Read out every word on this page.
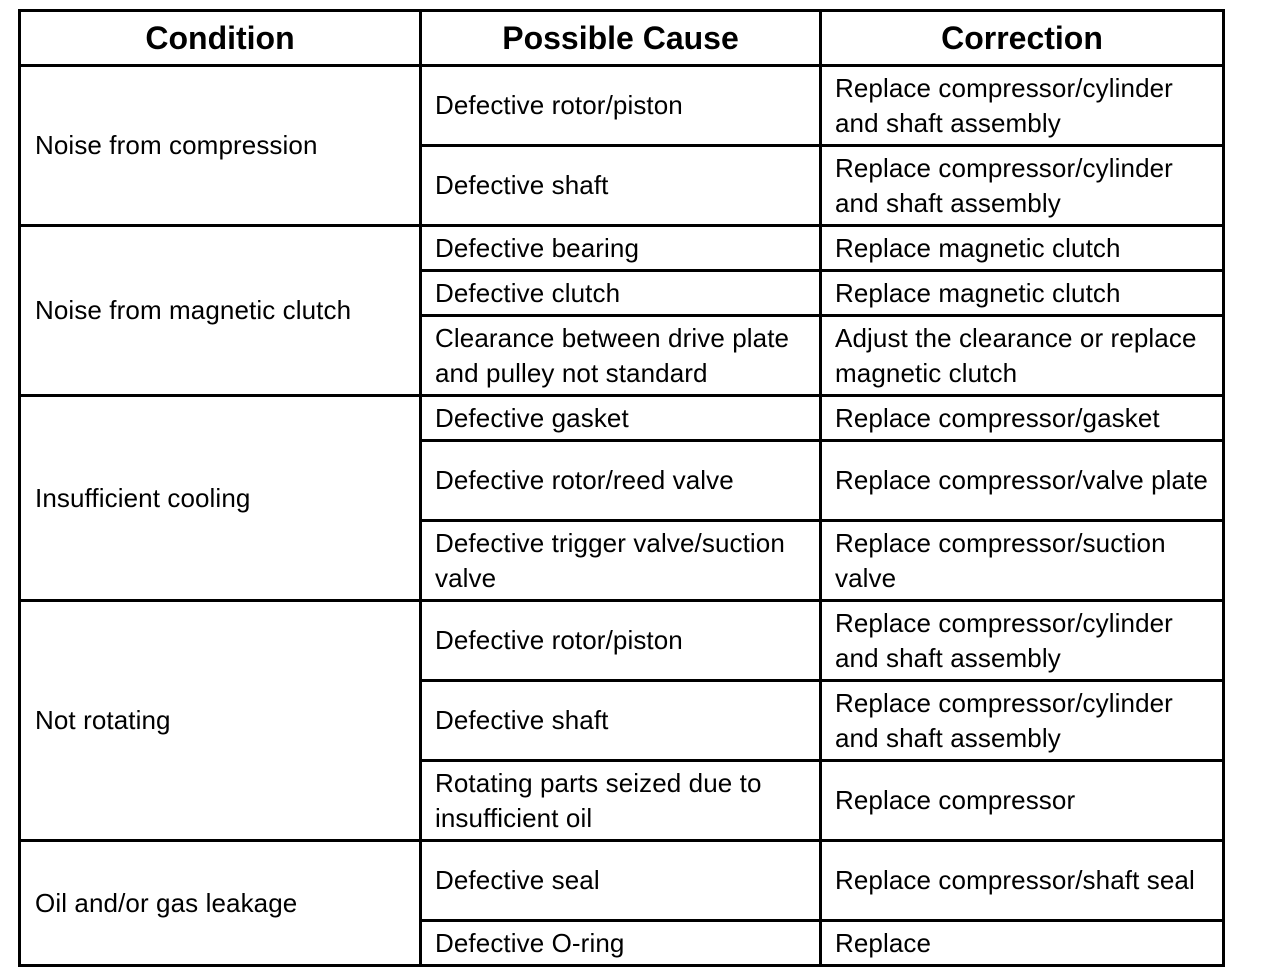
Condition	Possible Cause	Correction
Noise from compression	Defective rotor/piston	Replace compressor/cylinder and shaft assembly
	Defective shaft	Replace compressor/cylinder and shaft assembly
Noise from magnetic clutch	Defective bearing	Replace magnetic clutch
	Defective clutch	Replace magnetic clutch
	Clearance between drive plate and pulley not standard	Adjust the clearance or replace magnetic clutch
Insufficient cooling	Defective gasket	Replace compressor/gasket
	Defective rotor/reed valve	Replace compressor/valve plate
	Defective trigger valve/suction valve	Replace compressor/suction valve
Not rotating	Defective rotor/piston	Replace compressor/cylinder and shaft assembly
	Defective shaft	Replace compressor/cylinder and shaft assembly
	Rotating parts seized due to insufficient oil	Replace compressor
Oil and/or gas leakage	Defective seal	Replace compressor/shaft seal
	Defective O-ring	Replace
